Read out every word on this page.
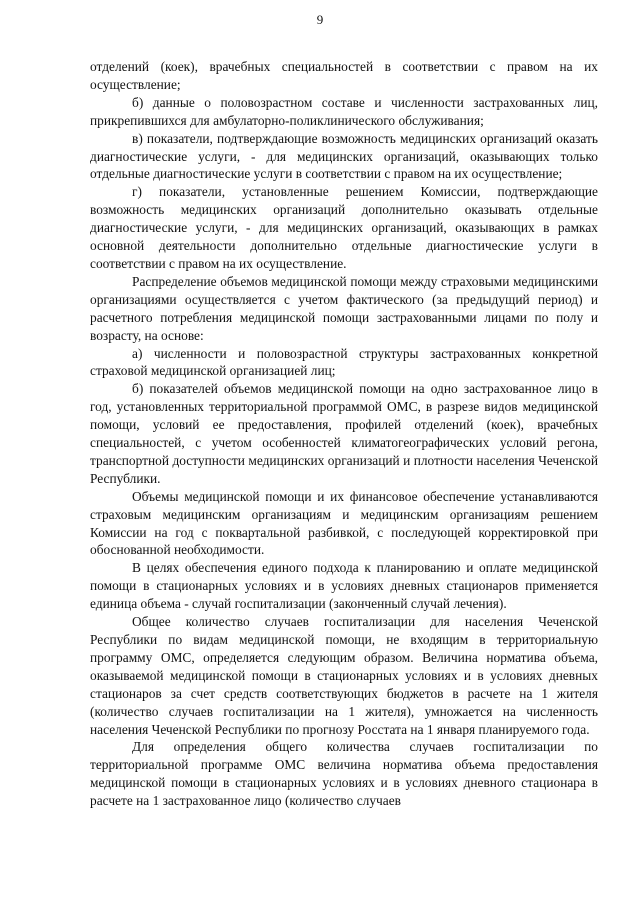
9

отделений (коек), врачебных специальностей в соответствии с правом на их осуществление;

б) данные о половозрастном составе и численности застрахованных лиц, прикрепившихся для амбулаторно-поликлинического обслуживания;

в) показатели, подтверждающие возможность медицинских организаций оказать диагностические услуги, - для медицинских организаций, оказывающих только отдельные диагностические услуги в соответствии с правом на их осуществление;

г) показатели, установленные решением Комиссии, подтверждающие возможность медицинских организаций дополнительно оказывать отдельные диагностические услуги, - для медицинских организаций, оказывающих в рамках основной деятельности дополнительно отдельные диагностические услуги в соответствии с правом на их осуществление.

Распределение объемов медицинской помощи между страховыми медицинскими организациями осуществляется с учетом фактического (за предыдущий период) и расчетного потребления медицинской помощи застрахованными лицами по полу и возрасту, на основе:

а) численности и половозрастной структуры застрахованных конкретной страховой медицинской организацией лиц;

б) показателей объемов медицинской помощи на одно застрахованное лицо в год, установленных территориальной программой ОМС, в разрезе видов медицинской помощи, условий ее предоставления, профилей отделений (коек), врачебных специальностей, с учетом особенностей климатогеографических условий регона, транспортной доступности медицинских организаций и плотности населения Чеченской Республики.

Объемы медицинской помощи и их финансовое обеспечение устанавливаются страховым медицинским организациям и медицинским организациям решением Комиссии на год с поквартальной разбивкой, с последующей корректировкой при обоснованной необходимости.

В целях обеспечения единого подхода к планированию и оплате медицинской помощи в стационарных условиях и в условиях дневных стационаров применяется единица объема - случай госпитализации (законченный случай лечения).

Общее количество случаев госпитализации для населения Чеченской Республики по видам медицинской помощи, не входящим в территориальную программу ОМС, определяется следующим образом. Величина норматива объема, оказываемой медицинской помощи в стационарных условиях и в условиях дневных стационаров за счет средств соответствующих бюджетов в расчете на 1 жителя (количество случаев госпитализации на 1 жителя), умножается на численность населения Чеченской Республики по прогнозу Росстата на 1 января планируемого года.

Для определения общего количества случаев госпитализации по территориальной программе ОМС величина норматива объема предоставления медицинской помощи в стационарных условиях и в условиях дневного стационара в расчете на 1 застрахованное лицо (количество случаев
